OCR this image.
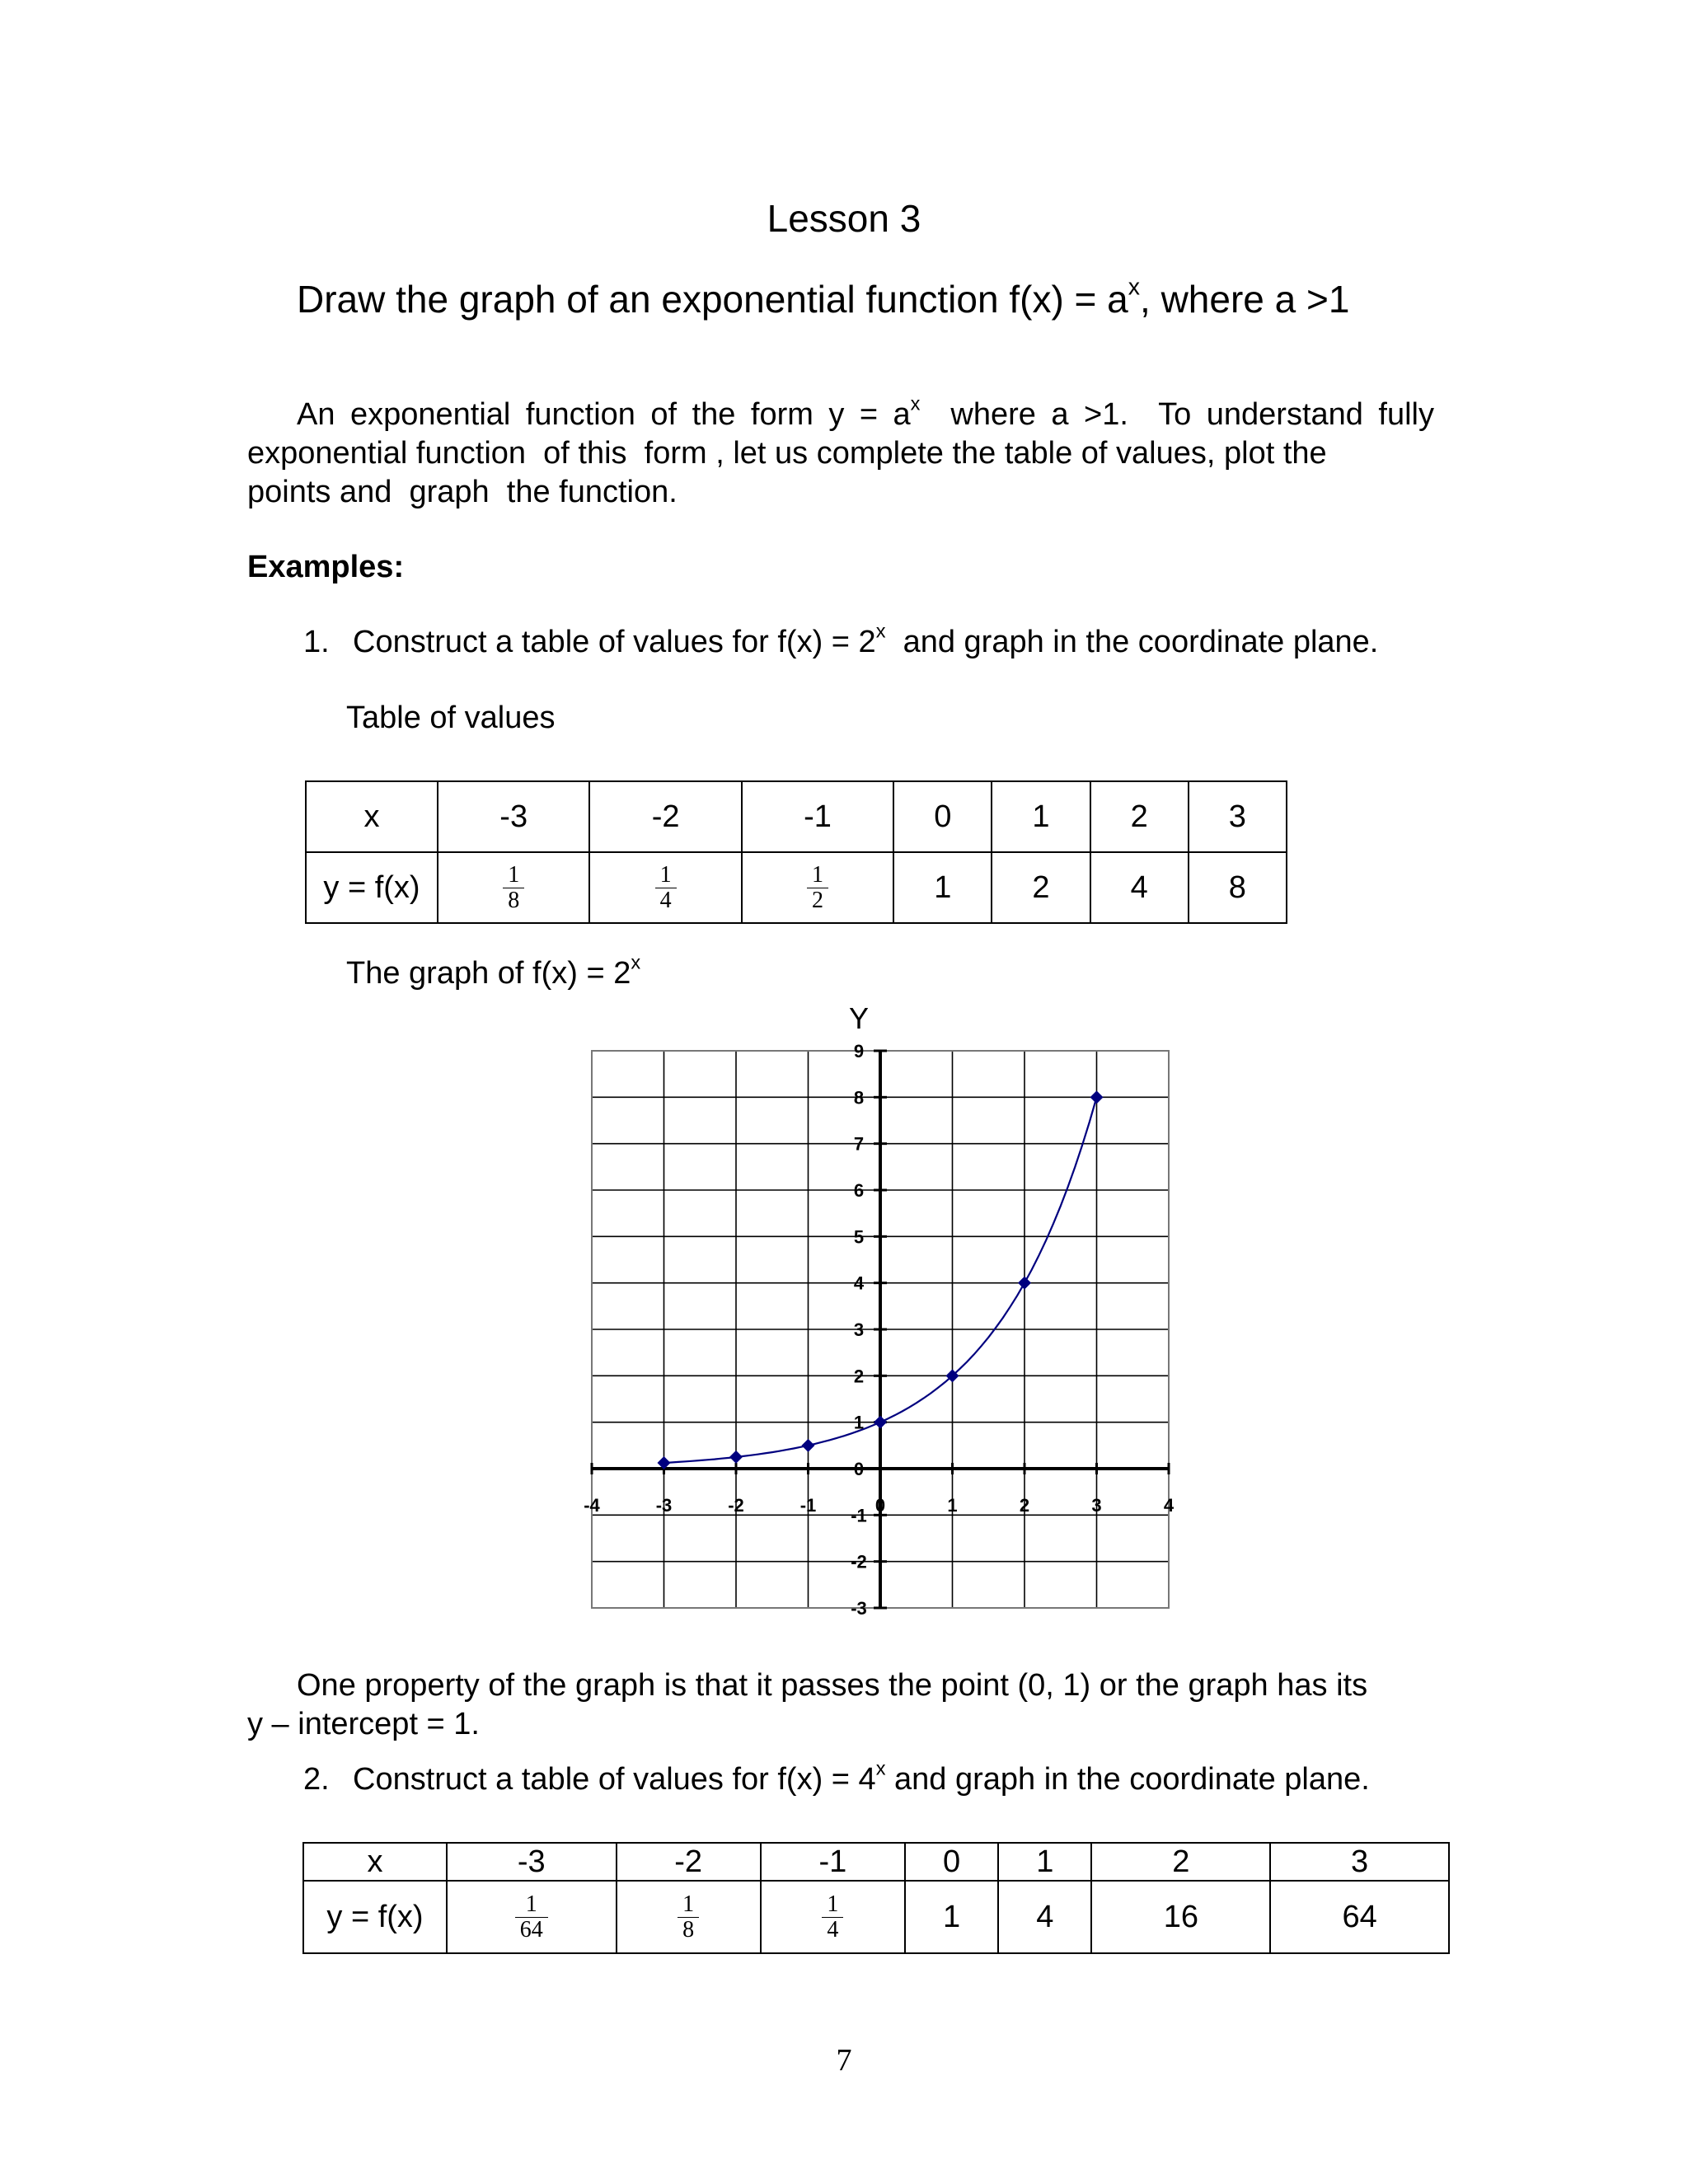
Lesson 3
Draw the graph of an exponential function $f(x) = a^x$, where a >1
An exponential function of the form $y = a^x$  where a >1.  To understand fully
exponential function  of this  form , let us complete the table of values, plot the
points and  graph  the function.
Examples:
1. Construct a table of values for $f(x) = 2^x$  and graph in the coordinate plane.
Table of values
x	-3	-2	-1	0	1	2	3
y = f(x)	$\frac{1}{8}$	$\frac{1}{4}$	$\frac{1}{2}$	1	2	4	8
The graph of $f(x) = 2^x$
-4	-3	-2	-1	0	1	2	3	4
-3
-2
-1
0
1
2
3
4
5
6
7
8
9
Y
One property of the graph is that it passes the point (0, 1) or the graph has its
y – intercept = 1.
2. Construct a table of values for $f(x) = 4^x$ and graph in the coordinate plane.
x	-3	-2	-1	0	1	2	3
y = f(x)	$\frac{1}{64}$	$\frac{1}{8}$	$\frac{1}{4}$	1	4	16	64
7
